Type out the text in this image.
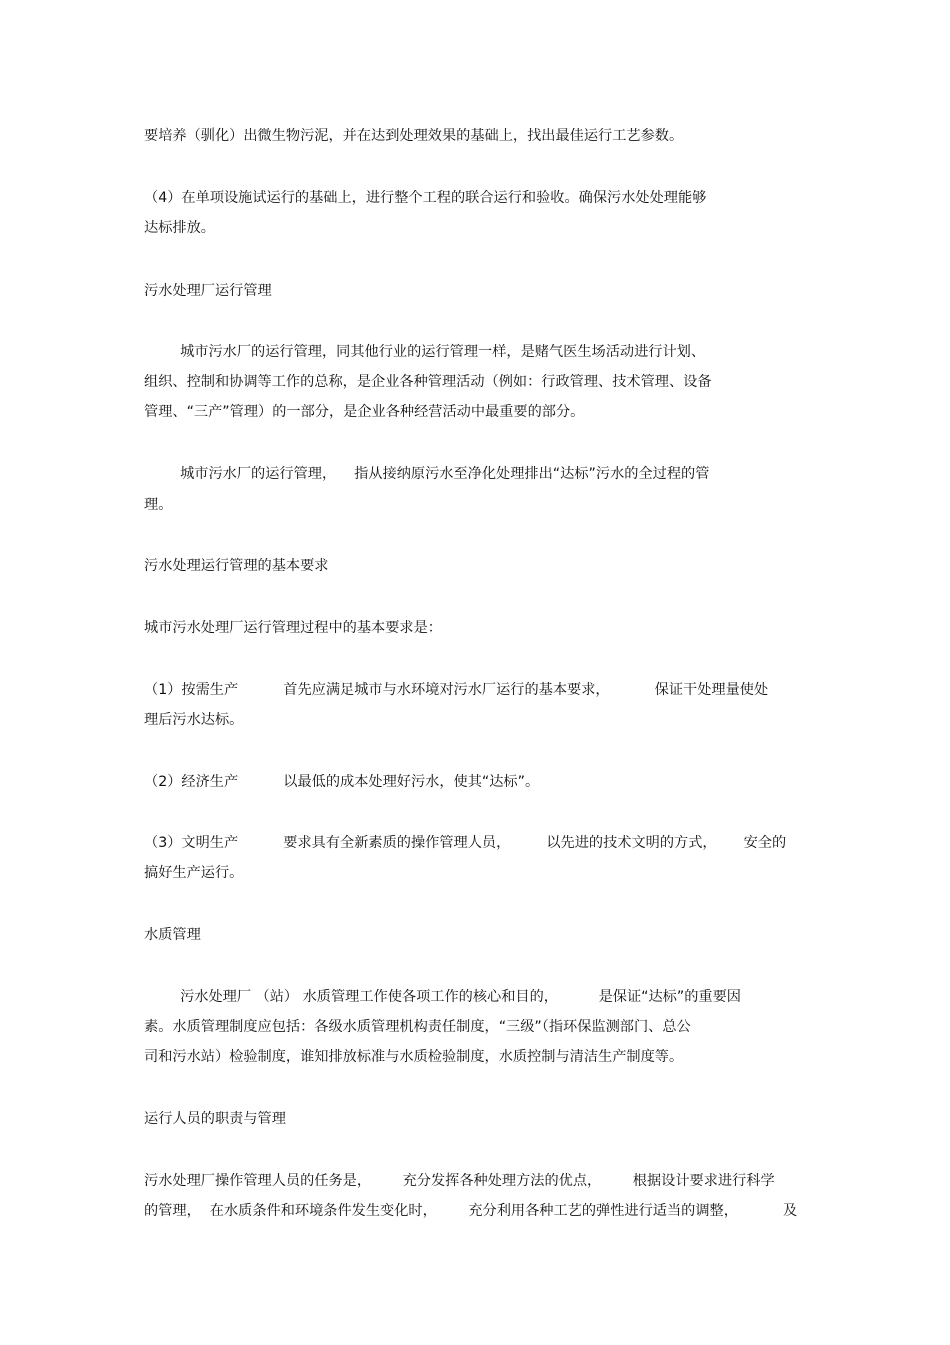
要培养（驯化）出微生物污泥，并在达到处理效果的基础上，找出最佳运行工艺参数。
（4）在单项设施试运行的基础上，进行整个工程的联合运行和验收。确保污水处处理能够
达标排放。
污水处理厂运行管理
城市污水厂的运行管理，同其他行业的运行管理一样，是赌气医生场活动进行计划、
组织、控制和协调等工作的总称，是企业各种管理活动（例如：行政管理、技术管理、设备
管理、“三产”管理）的一部分，是企业各种经营活动中最重要的部分。
城市污水厂的运行管理，    指从接纳原污水至净化处理排出“达标”污水的全过程的管
理。
污水处理运行管理的基本要求
城市污水处理厂运行管理过程中的基本要求是：
（1）按需生产          首先应满足城市与水环境对污水厂运行的基本要求，          保证干处理量使处
理后污水达标。
（2）经济生产          以最低的成本处理好污水，使其“达标”。
（3）文明生产          要求具有全新素质的操作管理人员，        以先进的技术文明的方式，      安全的
搞好生产运行。
水质管理
污水处理厂 （站） 水质管理工作使各项工作的核心和目的，         是保证“达标”的重要因
素。水质管理制度应包括：各级水质管理机构责任制度，“三级”（指环保监测部门、总公
司和污水站）检验制度，谁知排放标准与水质检验制度，水质控制与清洁生产制度等。
运行人员的职责与管理
污水处理厂操作管理人员的任务是，       充分发挥各种处理方法的优点，       根据设计要求进行科学
的管理，  在水质条件和环境条件发生变化时，       充分利用各种工艺的弹性进行适当的调整，          及
